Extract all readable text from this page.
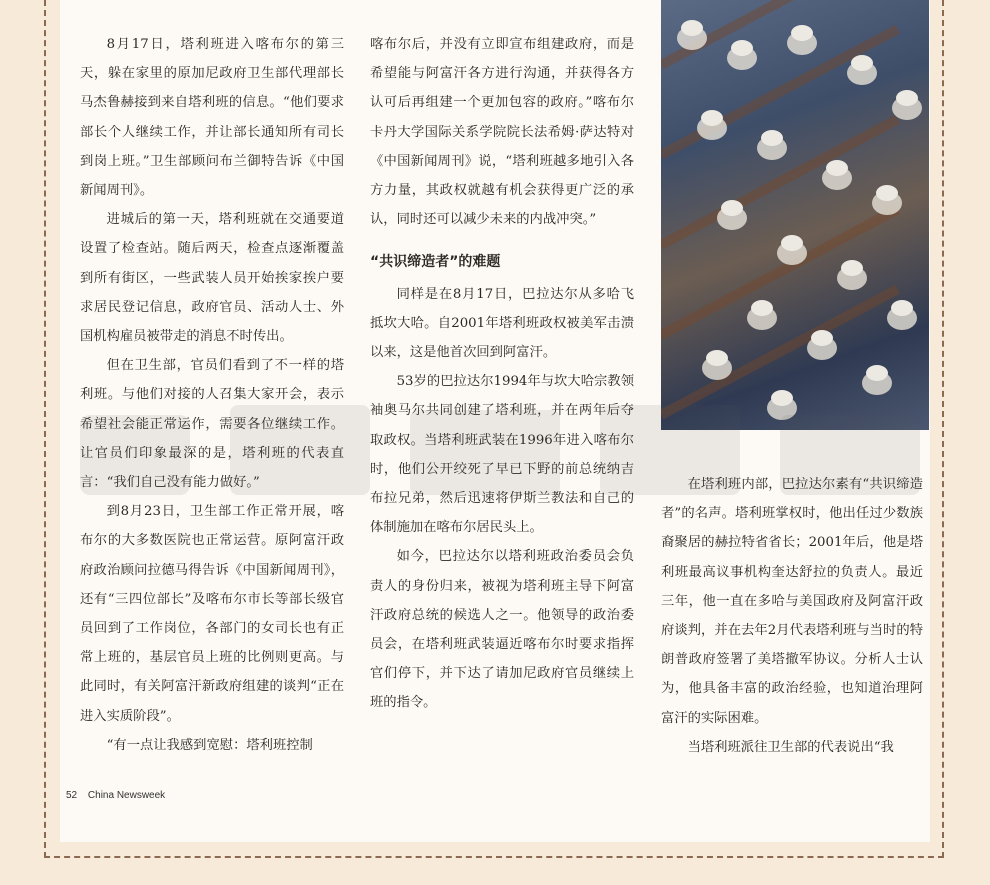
8月17日，塔利班进入喀布尔的第三天，躲在家里的原加尼政府卫生部代理部长马杰鲁赫接到来自塔利班的信息。“他们要求部长个人继续工作，并让部长通知所有司长到岗上班。”卫生部顾问布兰御特告诉《中国新闻周刊》。

进城后的第一天，塔利班就在交通要道设置了检查站。随后两天，检查点逐渐覆盖到所有街区，一些武装人员开始挨家挨户要求居民登记信息，政府官员、活动人士、外国机构雇员被带走的消息不时传出。

但在卫生部，官员们看到了不一样的塔利班。与他们对接的人召集大家开会，表示希望社会能正常运作，需要各位继续工作。让官员们印象最深的是，塔利班的代表直言：“我们自己没有能力做好。”

到8月23日，卫生部工作正常开展，喀布尔的大多数医院也正常运营。原阿富汗政府政治顾问拉德马得告诉《中国新闻周刊》，还有“三四位部长”及喀布尔市长等部长级官员回到了工作岗位，各部门的女司长也有正常上班的，基层官员上班的比例则更高。与此同时，有关阿富汗新政府组建的谈判“正在进入实质阶段”。

“有一点让我感到宽慰：塔利班控制

喀布尔后，并没有立即宣布组建政府，而是希望能与阿富汗各方进行沟通，并获得各方认可后再组建一个更加包容的政府。”喀布尔卡丹大学国际关系学院院长法希姆·萨达特对《中国新闻周刊》说，“塔利班越多地引入各方力量，其政权就越有机会获得更广泛的承认，同时还可以减少未来的内战冲突。”

“共识缔造者”的难题

同样是在8月17日，巴拉达尔从多哈飞抵坎大哈。自2001年塔利班政权被美军击溃以来，这是他首次回到阿富汗。

53岁的巴拉达尔1994年与坎大哈宗教领袖奥马尔共同创建了塔利班，并在两年后夺取政权。当塔利班武装在1996年进入喀布尔时，他们公开绞死了早已下野的前总统纳吉布拉兄弟，然后迅速将伊斯兰教法和自己的体制施加在喀布尔居民头上。

如今，巴拉达尔以塔利班政治委员会负责人的身份归来，被视为塔利班主导下阿富汗政府总统的候选人之一。他领导的政治委员会，在塔利班武装逼近喀布尔时要求指挥官们停下，并下达了请加尼政府官员继续上班的指令。

在塔利班内部，巴拉达尔素有“共识缔造者”的名声。塔利班掌权时，他出任过少数族裔聚居的赫拉特省省长；2001年后，他是塔利班最高议事机构奎达舒拉的负责人。最近三年，他一直在多哈与美国政府及阿富汗政府谈判，并在去年2月代表塔利班与当时的特朗普政府签署了美塔撤军协议。分析人士认为，他具备丰富的政治经验，也知道治理阿富汗的实际困难。

当塔利班派往卫生部的代表说出“我

52 China Newsweek
